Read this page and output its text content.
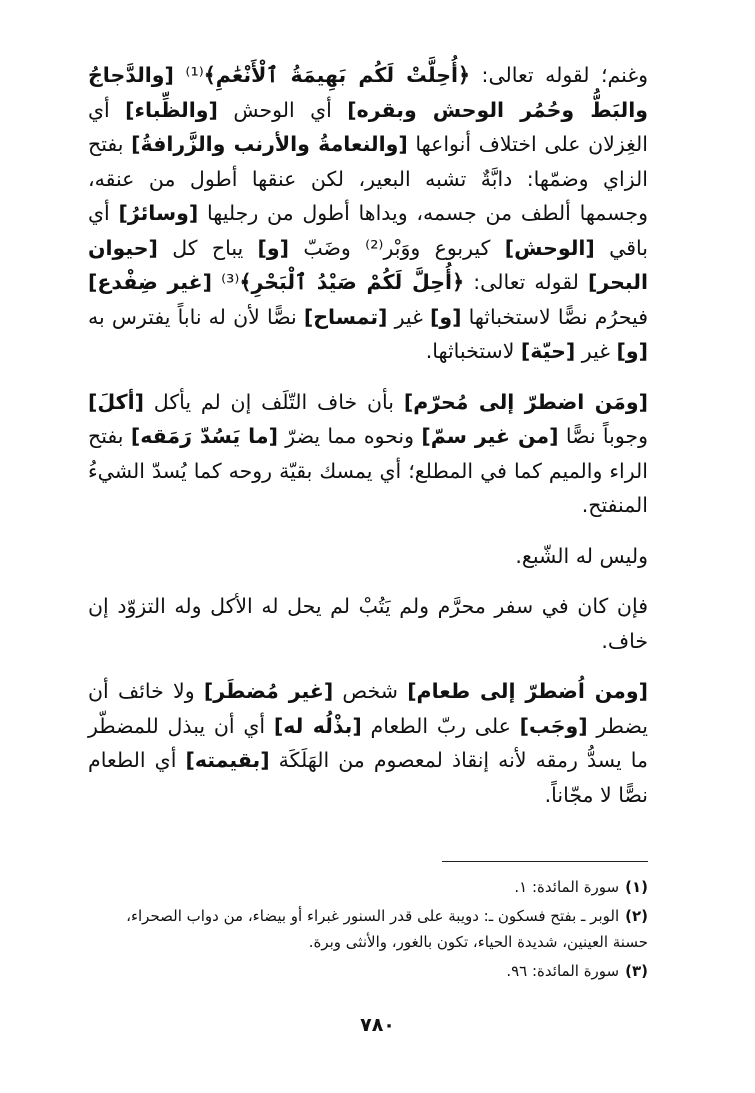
وغنم؛ لقوله تعالى: ﴿أُحِلَّتْ لَكُم بَهِيمَةُ ٱلْأَنْعَٰمِ﴾⁽¹⁾ [والدَّجاجُ والبَطُّ وحُمُر الوحش وبقره] أي الوحش [والظِّباء] أي الغِزلان على اختلاف أنواعها [والنعامةُ والأرنب والزَّرافةُ] بفتح الزاي وضمّها: دابَّةٌ تشبه البعير، لكن عنقها أطول من عنقه، وجسمها ألطف من جسمه، ويداها أطول من رجليها [وسائرُ] أي باقي [الوحش] كيربوع ووَبْر⁽²⁾ وضَبّ [و] يباح كل [حيوان البحر] لقوله تعالى: ﴿أُحِلَّ لَكُمْ صَيْدُ ٱلْبَحْرِ﴾⁽³⁾ [غير ضِفْدع] فيحرُم نصًّا لاستخباثها [و] غير [تمساح] نصًّا لأن له ناباً يفترس به [و] غير [حيّة] لاستخباثها.

[ومَن اضطرّ إلى مُحرّم] بأن خاف التّلَف إن لم يأكل [أكلَ] وجوباً نصًّا [من غير سمّ] ونحوه مما يضرّ [ما يَسُدّ رَمَقه] بفتح الراء والميم كما في المطلع؛ أي يمسك بقيّة روحه كما يُسدّ الشيءُ المنفتح.

وليس له الشّبع.

فإن كان في سفر محرَّم ولم يَتُبْ لم يحل له الأكل وله التزوّد إن خاف.

[ومن اُضطرّ إلى طعام] شخص [غير مُضطَر] ولا خائف أن يضطر [وجَب] على ربّ الطعام [بذْلُه له] أي أن يبذل للمضطّر ما يسدُّ رمقه لأنه إنقاذ لمعصوم من الهَلَكَة [بقيمته] أي الطعام نصًّا لا مجّاناً.

(١)سورة المائدة: ١.

(٢)الوبر ـ بفتح فسكون ـ: دويبة على قدر السنور غبراء أو بيضاء، من دواب الصحراء، حسنة العينين، شديدة الحياء، تكون بالغور، والأنثى وبرة.

(٣)سورة المائدة: ٩٦.

٧٨٠
